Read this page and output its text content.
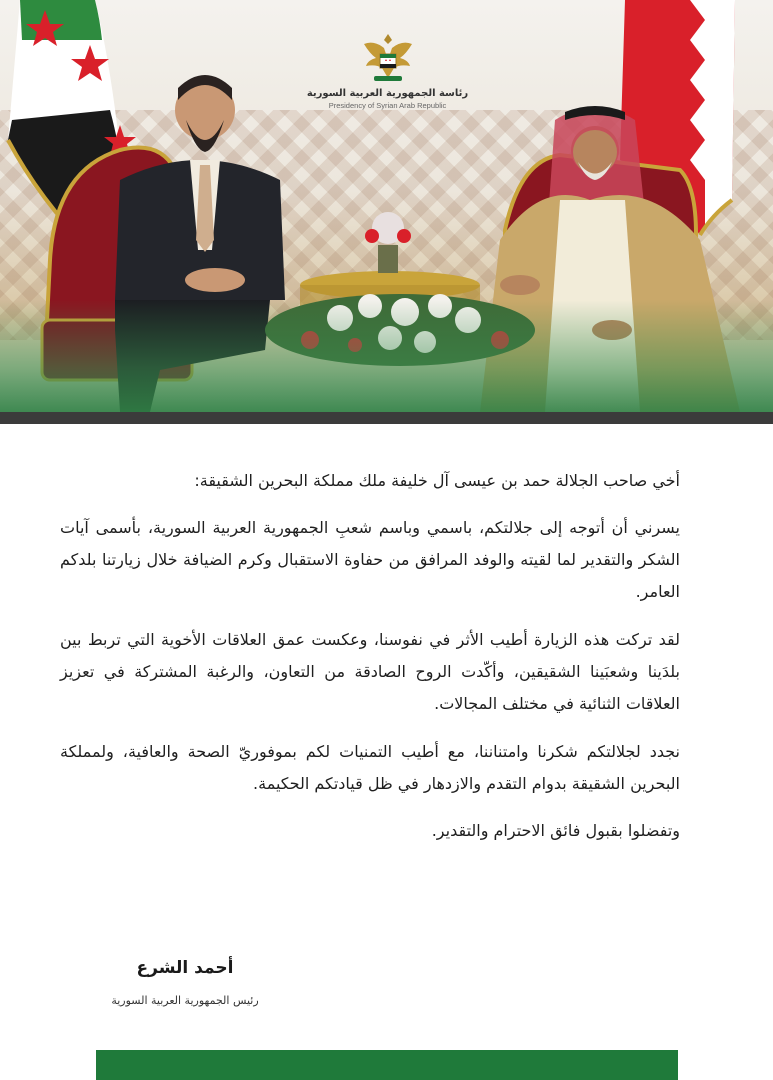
رئاسة الجمهورية العربية السورية
Presidency of Syrian Arab Republic
أخي صاحب الجلالة حمد بن عيسى آل خليفة ملك مملكة البحرين الشقيقة:
يسرني أن أتوجه إلى جلالتكم، باسمي وباسم شعبِ الجمهورية العربية السورية، بأسمى آيات الشكر والتقدير لما لقيته والوفد المرافق من حفاوة الاستقبال وكرم الضيافة خلال زيارتنا بلدكم العامر.
لقد تركت هذه الزيارة أطيب الأثر في نفوسنا، وعكست عمق العلاقات الأخوية التي تربط بين بلدَينا وشعبَينا الشقيقين، وأكّدت الروح الصادقة من التعاون، والرغبة المشتركة في تعزيز العلاقات الثنائية في مختلف المجالات.
نجدد لجلالتكم شكرنا وامتناننا، مع أطيب التمنيات لكم بموفوريّ الصحة والعافية، ولمملكة البحرين الشقيقة بدوام التقدم والازدهار في ظل قيادتكم الحكيمة.
وتفضلوا بقبول فائق الاحترام والتقدير.
أحمد الشرع
رئيس الجمهورية العربية السورية
